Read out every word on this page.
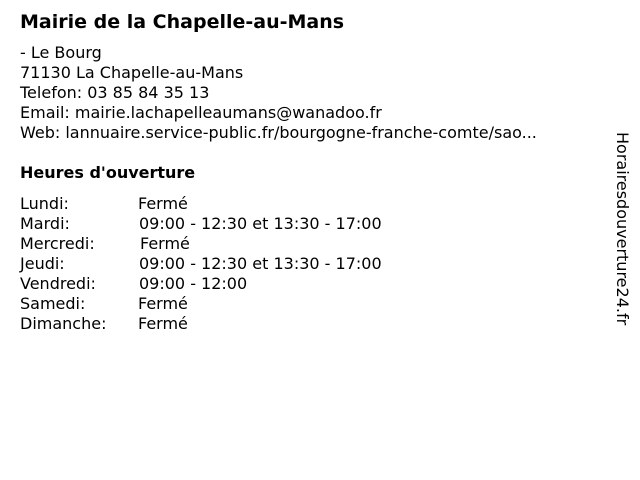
Mairie de la Chapelle-au-Mans
- Le Bourg
71130 La Chapelle-au-Mans
Telefon: 03 85 84 35 13
Email: mairie.lachapelleaumans@wanadoo.fr
Web: lannuaire.service-public.fr/bourgogne-franche-comte/sao...
Heures d'ouverture
Lundi:	Fermé
Mardi:	09:00 - 12:30 et 13:30 - 17:00
Mercredi:	Fermé
Jeudi:	09:00 - 12:30 et 13:30 - 17:00
Vendredi:	09:00 - 12:00
Samedi:	Fermé
Dimanche: Fermé	Horairesdouverture24.fr
